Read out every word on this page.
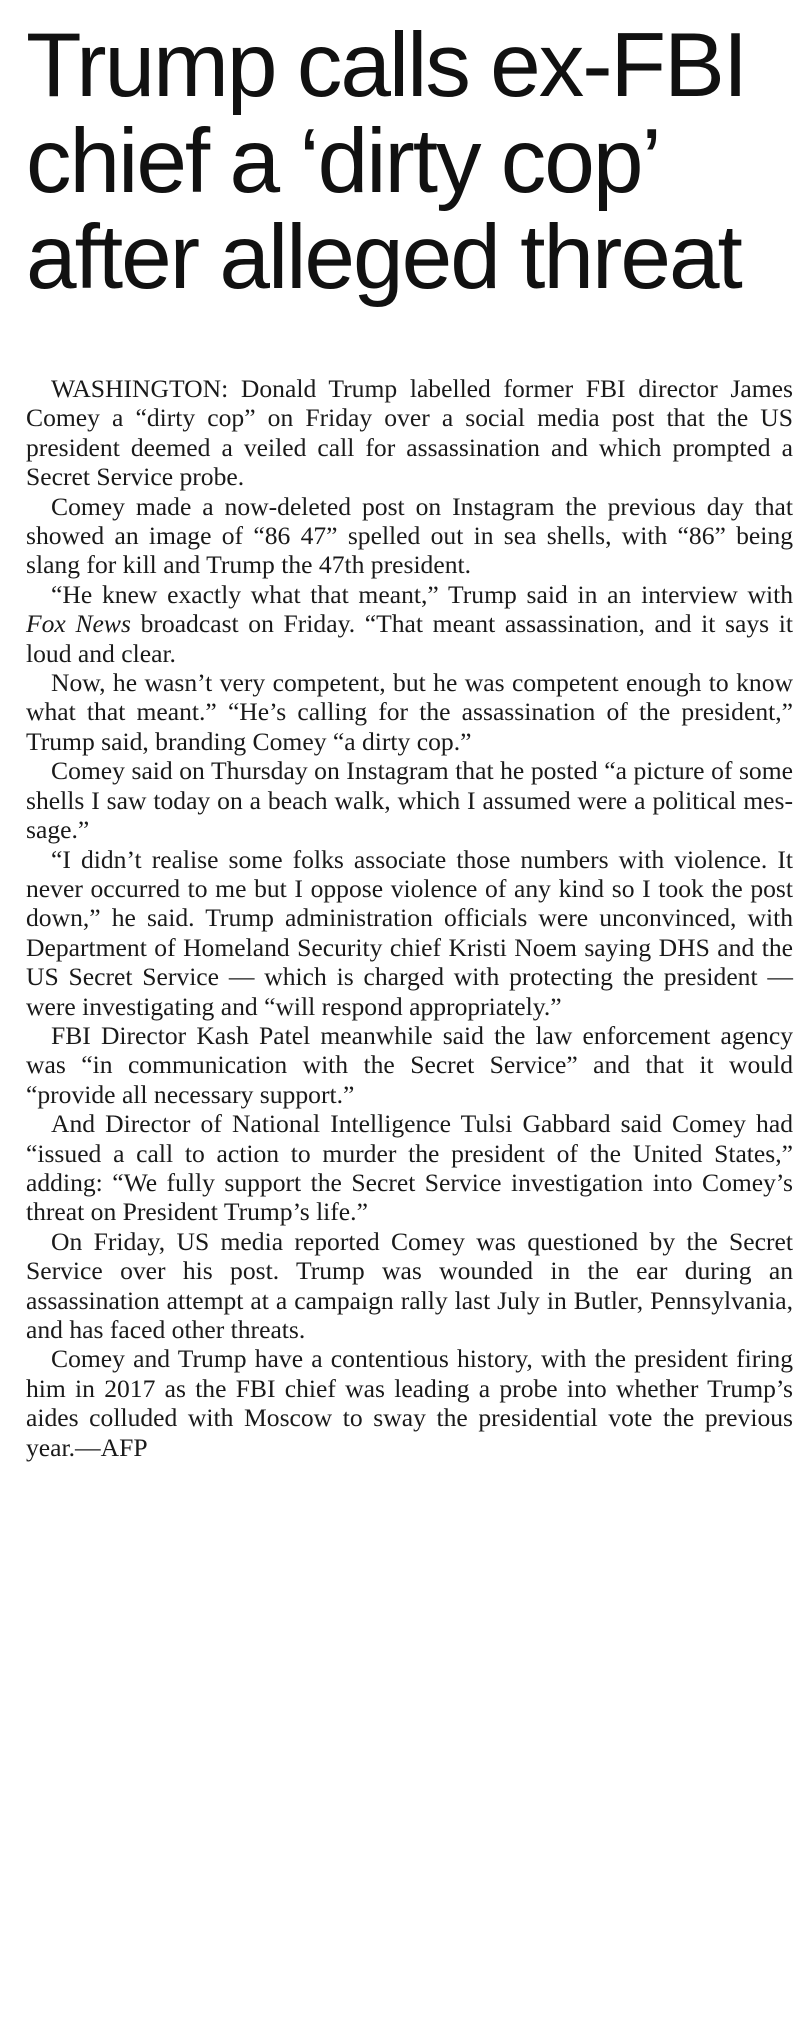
Trump calls ex-FBI chief a ‘dirty cop’ after alleged threat

WASHINGTON: Donald Trump labelled former FBI director James Comey a “dirty cop” on Friday over a social media post that the US president deemed a veiled call for assassination and which prompted a Secret Service probe.

Comey made a now-deleted post on Instagram the previous day that showed an image of “86 47” spelled out in sea shells, with “86” being slang for kill and Trump the 47th president.

“He knew exactly what that meant,” Trump said in an interview with Fox News broadcast on Friday. “That meant assassination, and it says it loud and clear.

Now, he wasn’t very competent, but he was competent enough to know what that meant.” “He’s calling for the assassination of the president,” Trump said, branding Comey “a dirty cop.”

Comey said on Thursday on Instagram that he posted “a picture of some shells I saw today on a beach walk, which I assumed were a political message.”

“I didn’t realise some folks associate those numbers with violence. It never occurred to me but I oppose violence of any kind so I took the post down,” he said. Trump administration officials were unconvinced, with Department of Homeland Security chief Kristi Noem saying DHS and the US Secret Service — which is charged with protecting the president — were investigating and “will respond appropriately.”

FBI Director Kash Patel meanwhile said the law enforcement agency was “in communication with the Secret Service” and that it would “provide all necessary support.”

And Director of National Intelligence Tulsi Gabbard said Comey had “issued a call to action to murder the president of the United States,” adding: “We fully support the Secret Service investigation into Comey’s threat on President Trump’s life.”

On Friday, US media reported Comey was questioned by the Secret Service over his post. Trump was wounded in the ear during an assassination attempt at a campaign rally last July in Butler, Pennsylvania, and has faced other threats.

Comey and Trump have a contentious history, with the president firing him in 2017 as the FBI chief was leading a probe into whether Trump’s aides colluded with Moscow to sway the presidential vote the previous year.—AFP
